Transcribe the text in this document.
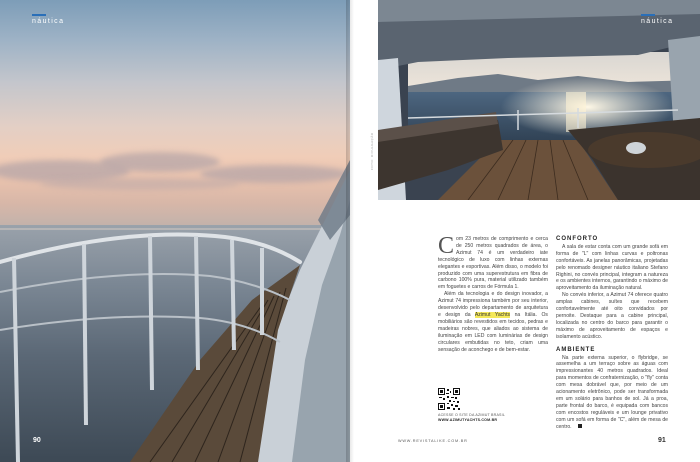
náutica
90
FOTO: DIVULGAÇÃO
náutica
C om 23 metros de comprimento e cerca de 250 metros quadrados de área, o Azimut 74 é um verdadeiro iate tecnológico de luxo com linhas externas elegantes e esportivas. Além disso, o modelo foi produzido com uma superestrutura em fibra de carbono 100% pura, material utilizado também em foguetes e carros de Fórmula 1.

Além da tecnologia e do design inovador, a Azimut 74 impressiona também por seu interior, desenvolvido pelo departamento de arquitetura e design da Azimut Yachts na Itália. Os mobiliários são revestidos em tecidos, pedras e madeiras nobres, que aliados ao sistema de iluminação em LED com luminárias de design circulares embutidas no teto, criam uma sensação de aconchego e de bem-estar.

CONFORTO

A sala de estar conta com um grande sofá em forma de "L" com linhas curvas e poltronas confortáveis. As janelas panorâmicas, projetadas pelo renomado designer náutico italiano Stefano Righini, no convés principal, integram a natureza e os ambientes internos, garantindo o máximo de aproveitamento da iluminação natural.

No convés inferior, a Azimut 74 oferece quatro amplas cabines, suítes que recebem confortavelmente até oito convidados por pernoite. Destaque para a cabine principal, localizada no centro do barco para garantir o máximo de aproveitamento de espaços e isolamento acústico.

AMBIENTE

Na parte externa superior, o flybridge, se assemelha a um terraço sobre as águas com impressionantes 40 metros quadrados. Ideal para momentos de confraternização, o "fly" conta com mesa dobrável que, por meio de um acionamento eletrônico, pode ser transformada em um solário para banhos de sol. Já a proa, parte frontal do barco, é equipada com bancos com encostos reguláveis e um lounge privativo com um sofá em forma de "C", além de mesa de centro.

ACESSE O SITE DA AZIMUT BRASIL
WWW.AZIMUTYACHTS.COM.BR
WWW.REVISTALIKE.COM.BR	91
